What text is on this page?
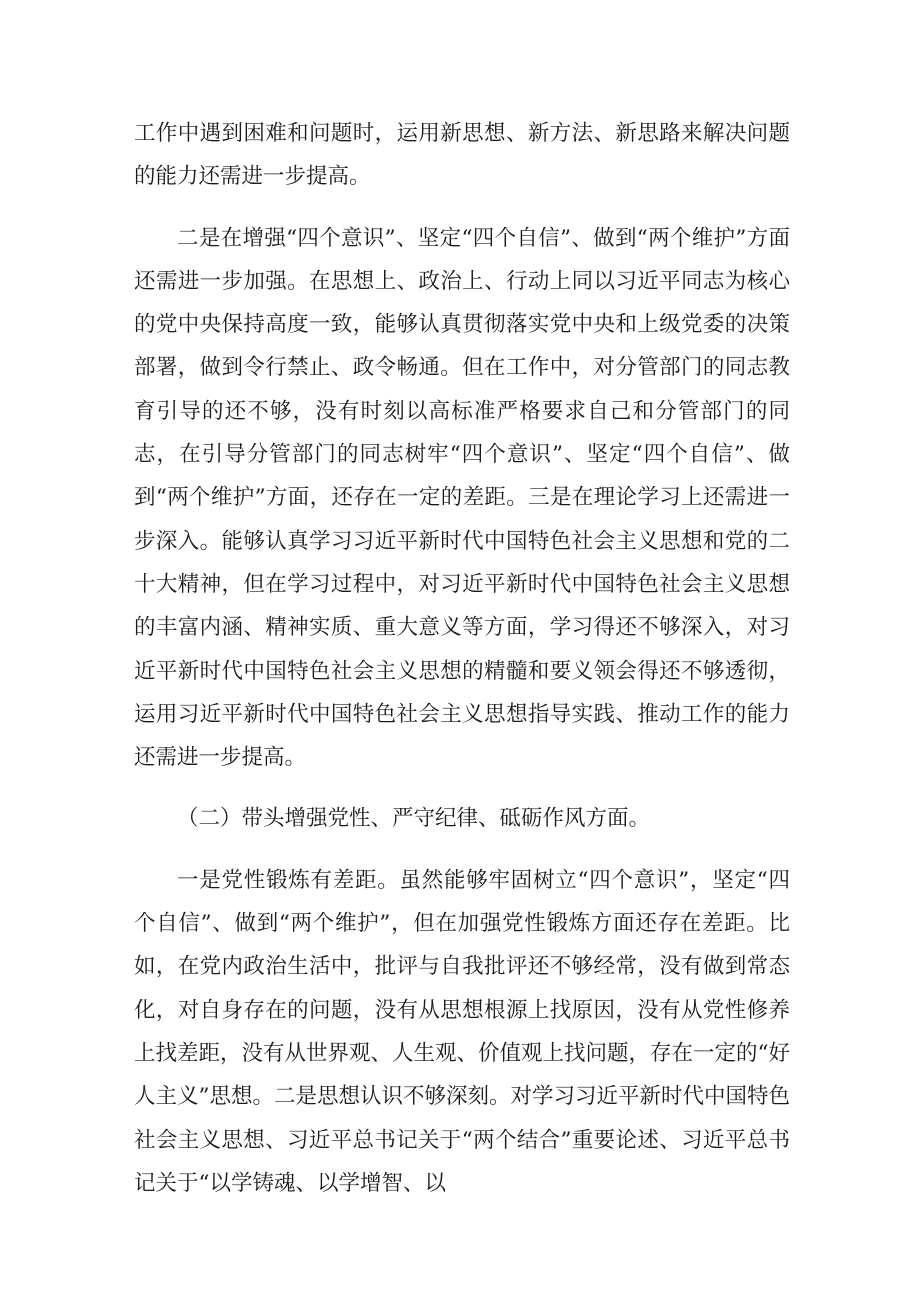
工作中遇到困难和问题时，运用新思想、新方法、新思路来解决问题的能力还需进一步提高。

二是在增强“四个意识”、坚定“四个自信”、做到“两个维护”方面还需进一步加强。在思想上、政治上、行动上同以习近平同志为核心的党中央保持高度一致，能够认真贯彻落实党中央和上级党委的决策部署，做到令行禁止、政令畅通。但在工作中，对分管部门的同志教育引导的还不够，没有时刻以高标准严格要求自己和分管部门的同志，在引导分管部门的同志树牢“四个意识”、坚定“四个自信”、做到“两个维护”方面，还存在一定的差距。三是在理论学习上还需进一步深入。能够认真学习习近平新时代中国特色社会主义思想和党的二十大精神，但在学习过程中，对习近平新时代中国特色社会主义思想的丰富内涵、精神实质、重大意义等方面，学习得还不够深入，对习近平新时代中国特色社会主义思想的精髓和要义领会得还不够透彻，运用习近平新时代中国特色社会主义思想指导实践、推动工作的能力还需进一步提高。

（二）带头增强党性、严守纪律、砥砺作风方面。

一是党性锻炼有差距。虽然能够牢固树立“四个意识”，坚定“四个自信”、做到“两个维护”，但在加强党性锻炼方面还存在差距。比如，在党内政治生活中，批评与自我批评还不够经常，没有做到常态化，对自身存在的问题，没有从思想根源上找原因，没有从党性修养上找差距，没有从世界观、人生观、价值观上找问题，存在一定的“好人主义”思想。二是思想认识不够深刻。对学习习近平新时代中国特色社会主义思想、习近平总书记关于“两个结合”重要论述、习近平总书记关于“以学铸魂、以学增智、以
